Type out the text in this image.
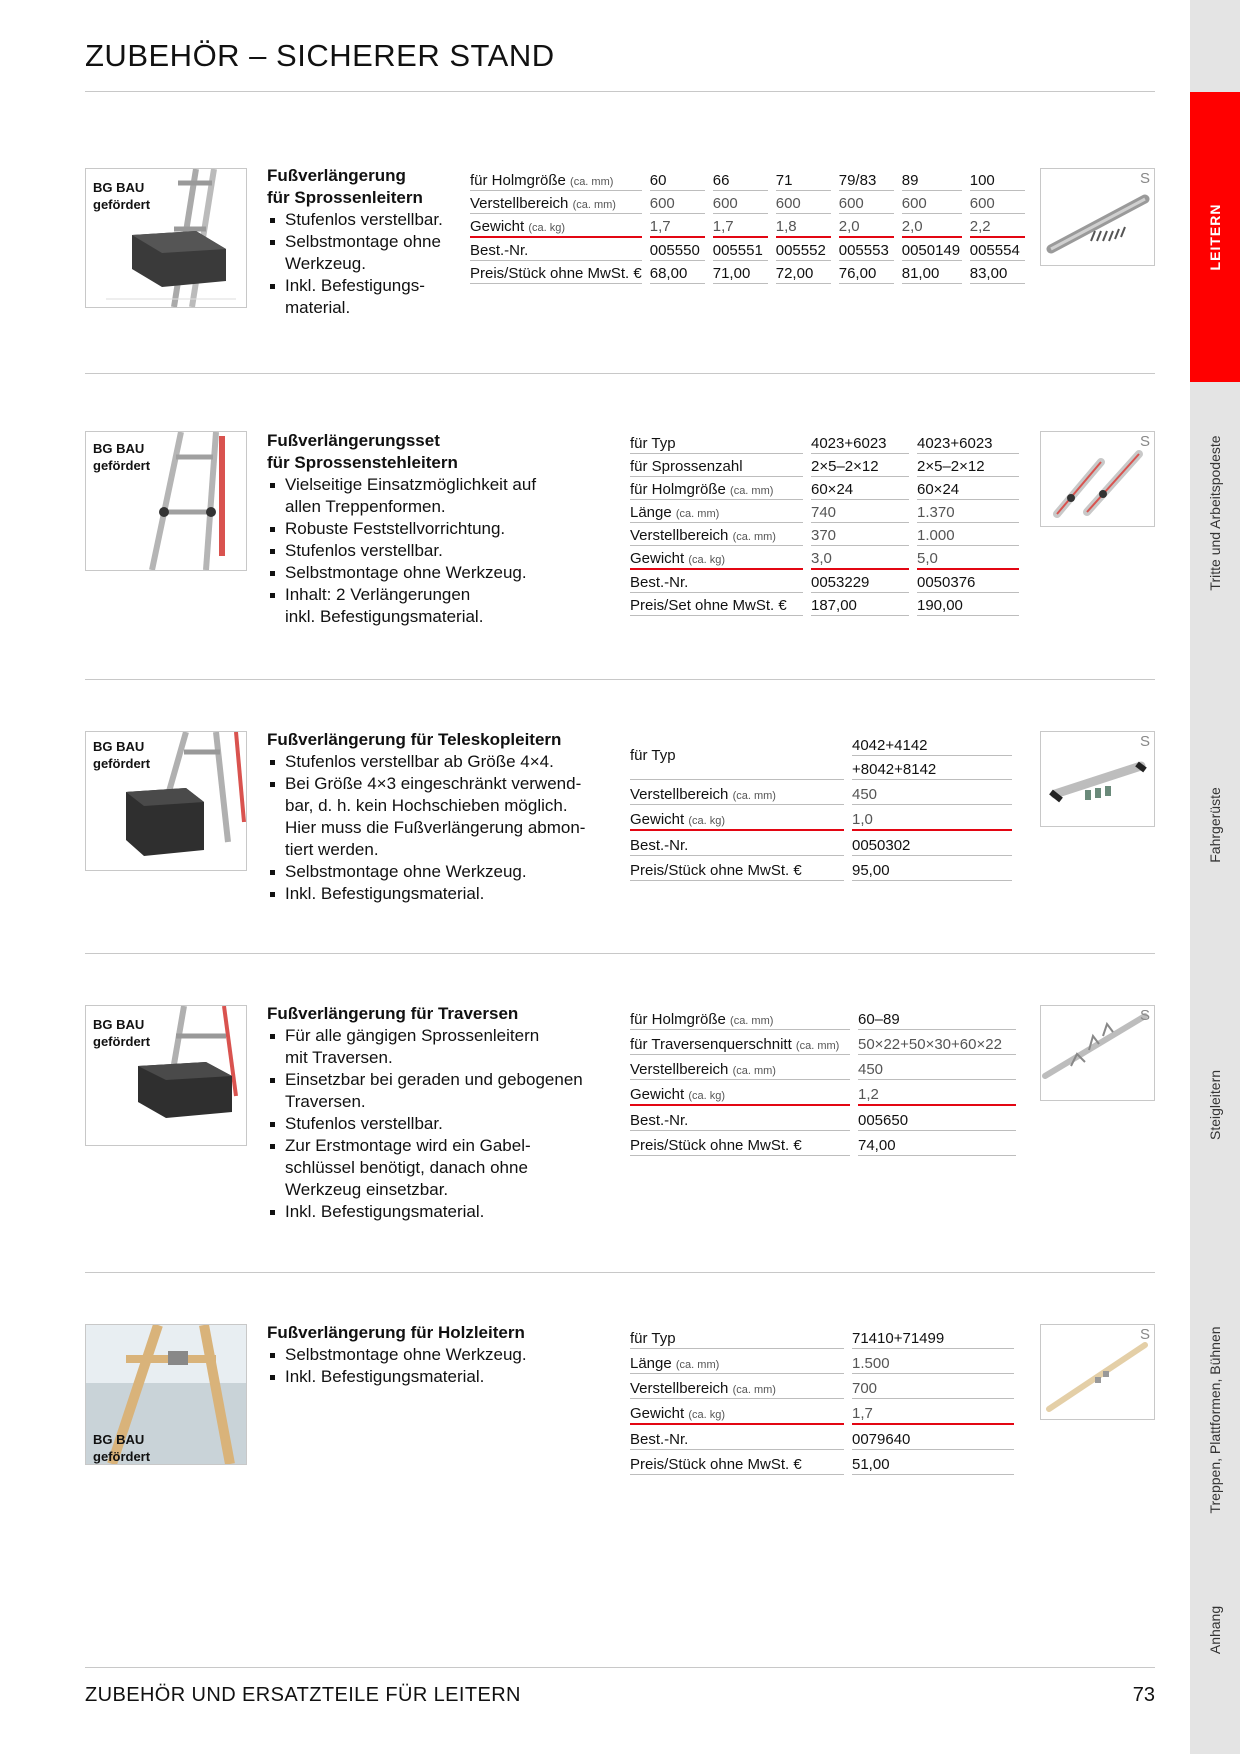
ZUBEHÖR – SICHERER STAND
LEITERN
Tritte und Arbeitspodeste
Fahrgerüste
Steigleitern
Treppen, Plattformen, Bühnen
Anhang
BG BAU
gefördert

Fußverlängerung
für Sprossenleitern

Stufenlos verstellbar.
Selbstmontage ohne
Werkzeug.
Inkl. Befestigungs-
material.
für Holmgröße (ca. mm)	60	66	71	79/83	89	100
Verstellbereich (ca. mm)	600	600	600	600	600	600
Gewicht (ca. kg)	1,7	1,7	1,8	2,0	2,0	2,2
Best.-Nr.	005550	005551	005552	005553	0050149	005554
Preis/Stück ohne MwSt. €	68,00	71,00	72,00	76,00	81,00	83,00
S
BG BAU
gefördert

Fußverlängerungsset
für Sprossenstehleitern

Vielseitige Einsatzmöglichkeit auf
allen Treppenformen.
Robuste Feststellvorrichtung.
Stufenlos verstellbar.
Selbstmontage ohne Werkzeug.
Inhalt: 2 Verlängerungen
inkl. Befestigungsmaterial.
für Typ	4023+6023	4023+6023
für Sprossenzahl	2×5–2×12	2×5–2×12
für Holmgröße (ca. mm)	60×24	60×24
Länge (ca. mm)	740	1.370
Verstellbereich (ca. mm)	370	1.000
Gewicht (ca. kg)	3,0	5,0
Best.-Nr.	0053229	0050376
Preis/Set ohne MwSt. €	187,00	190,00
S
BG BAU
gefördert

Fußverlängerung für Teleskopleitern

Stufenlos verstellbar ab Größe 4×4.
Bei Größe 4×3 eingeschränkt verwend-
bar, d. h. kein Hochschieben möglich.
Hier muss die Fußverlängerung abmon-
tiert werden.
Selbstmontage ohne Werkzeug.
Inkl. Befestigungsmaterial.
für Typ	4042+4142
	+8042+8142
Verstellbereich (ca. mm)	450
Gewicht (ca. kg)	1,0
Best.-Nr.	0050302
Preis/Stück ohne MwSt. €	95,00
S
BG BAU
gefördert

Fußverlängerung für Traversen

Für alle gängigen Sprossenleitern
mit Traversen.
Einsetzbar bei geraden und gebogenen
Traversen.
Stufenlos verstellbar.
Zur Erstmontage wird ein Gabel-
schlüssel benötigt, danach ohne
Werkzeug einsetzbar.
Inkl. Befestigungsmaterial.
für Holmgröße (ca. mm)	60–89
für Traversenquerschnitt (ca. mm)	50×22+50×30+60×22
Verstellbereich (ca. mm)	450
Gewicht (ca. kg)	1,2
Best.-Nr.	005650
Preis/Stück ohne MwSt. €	74,00
S
BG BAU
gefördert

Fußverlängerung für Holzleitern

Selbstmontage ohne Werkzeug.
Inkl. Befestigungsmaterial.
für Typ	71410+71499
Länge (ca. mm)	1.500
Verstellbereich (ca. mm)	700
Gewicht (ca. kg)	1,7
Best.-Nr.	0079640
Preis/Stück ohne MwSt. €	51,00
S
ZUBEHÖR UND ERSATZTEILE FÜR LEITERN	73
